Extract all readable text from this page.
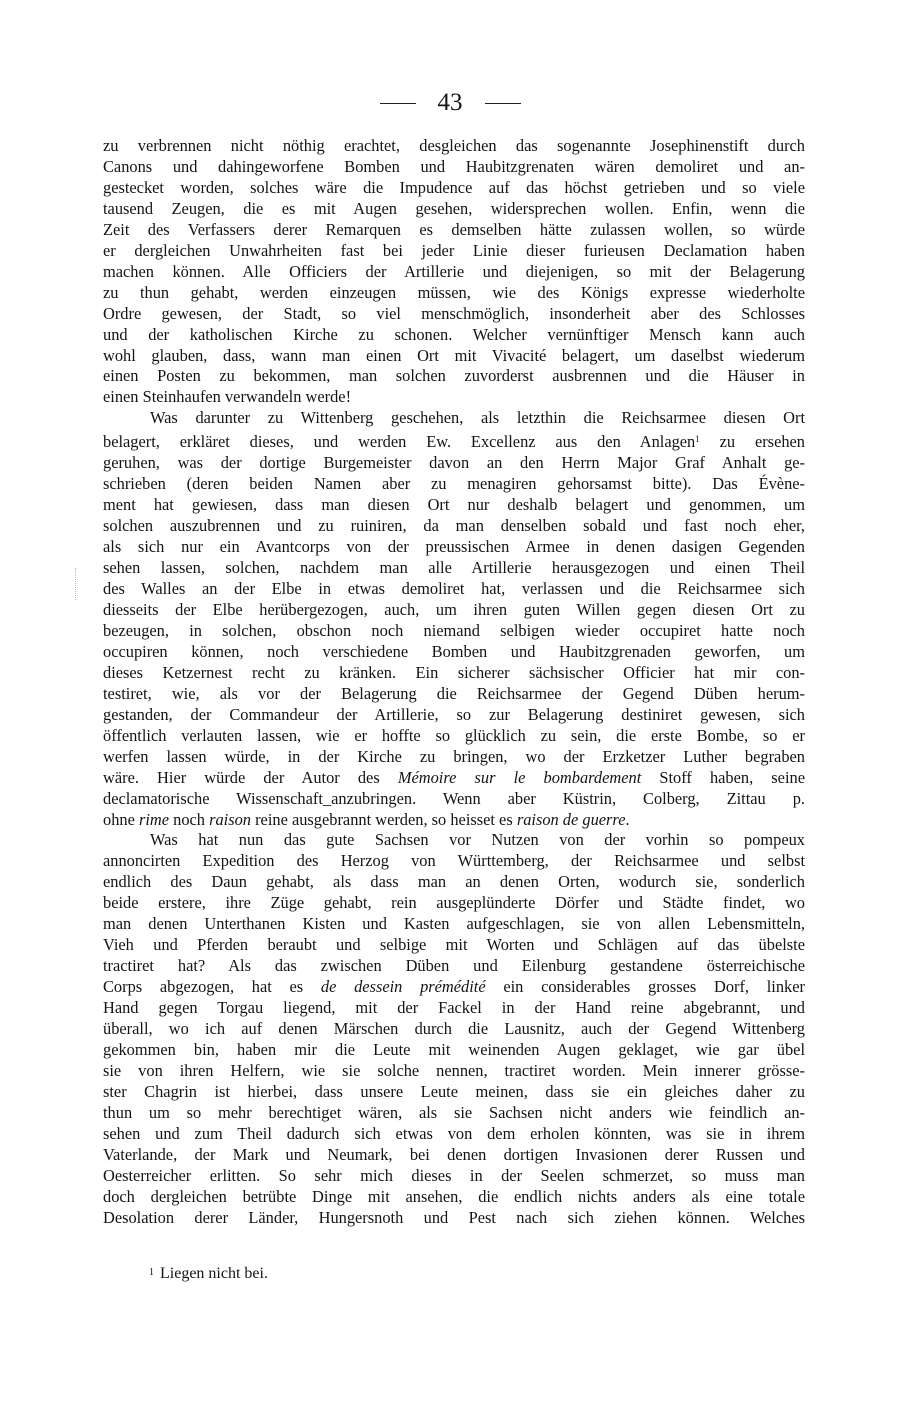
43

zu verbrennen nicht nöthig erachtet, desgleichen das sogenannte Josephinenstift durch
Canons und dahingeworfene Bomben und Haubitzgrenaten wären demoliret und an-
gestecket worden, solches wäre die Impudence auf das höchst getrieben und so viele
tausend Zeugen, die es mit Augen gesehen, widersprechen wollen. Enfin, wenn die
Zeit des Verfassers derer Remarquen es demselben hätte zulassen wollen, so würde
er dergleichen Unwahrheiten fast bei jeder Linie dieser furieusen Declamation haben
machen können. Alle Officiers der Artillerie und diejenigen, so mit der Belagerung
zu thun gehabt, werden einzeugen müssen, wie des Königs expresse wiederholte
Ordre gewesen, der Stadt, so viel menschmöglich, insonderheit aber des Schlosses
und der katholischen Kirche zu schonen. Welcher vernünftiger Mensch kann auch
wohl glauben, dass, wann man einen Ort mit Vivacité belagert, um daselbst wiederum
einen Posten zu bekommen, man solchen zuvorderst ausbrennen und die Häuser in
einen Steinhaufen verwandeln werde!

Was darunter zu Wittenberg geschehen, als letzthin die Reichsarmee diesen Ort
belagert, erkläret dieses, und werden Ew. Excellenz aus den Anlagen$^1$ zu ersehen
geruhen, was der dortige Burgemeister davon an den Herrn Major Graf Anhalt ge-
schrieben (deren beiden Namen aber zu menagiren gehorsamst bitte). Das Évène-
ment hat gewiesen, dass man diesen Ort nur deshalb belagert und genommen, um
solchen auszubrennen und zu ruiniren, da man denselben sobald und fast noch eher,
als sich nur ein Avantcorps von der preussischen Armee in denen dasigen Gegenden
sehen lassen, solchen, nachdem man alle Artillerie herausgezogen und einen Theil
des Walles an der Elbe in etwas demoliret hat, verlassen und die Reichsarmee sich
diesseits der Elbe herübergezogen, auch, um ihren guten Willen gegen diesen Ort zu
bezeugen, in solchen, obschon noch niemand selbigen wieder occupiret hatte noch
occupiren können, noch verschiedene Bomben und Haubitzgrenaden geworfen, um
dieses Ketzernest recht zu kränken. Ein sicherer sächsischer Officier hat mir con-
testiret, wie, als vor der Belagerung die Reichsarmee der Gegend Düben herum-
gestanden, der Commandeur der Artillerie, so zur Belagerung destiniret gewesen, sich
öffentlich verlauten lassen, wie er hoffte so glücklich zu sein, die erste Bombe, so er
werfen lassen würde, in der Kirche zu bringen, wo der Erzketzer Luther begraben
wäre. Hier würde der Autor des Mémoire sur le bombardement Stoff haben, seine
declamatorische Wissenschaft_anzubringen. Wenn aber Küstrin, Colberg, Zittau p.
ohne rime noch raison reine ausgebrannt werden, so heisset es raison de guerre.

Was hat nun das gute Sachsen vor Nutzen von der vorhin so pompeux
annoncirten Expedition des Herzog von Württemberg, der Reichsarmee und selbst
endlich des Daun gehabt, als dass man an denen Orten, wodurch sie, sonderlich
beide erstere, ihre Züge gehabt, rein ausgeplünderte Dörfer und Städte findet, wo
man denen Unterthanen Kisten und Kasten aufgeschlagen, sie von allen Lebensmitteln,
Vieh und Pferden beraubt und selbige mit Worten und Schlägen auf das übelste
tractiret hat? Als das zwischen Düben und Eilenburg gestandene österreichische
Corps abgezogen, hat es de dessein prémédité ein considerables grosses Dorf, linker
Hand gegen Torgau liegend, mit der Fackel in der Hand reine abgebrannt, und
überall, wo ich auf denen Märschen durch die Lausnitz, auch der Gegend Wittenberg
gekommen bin, haben mir die Leute mit weinenden Augen geklaget, wie gar übel
sie von ihren Helfern, wie sie solche nennen, tractiret worden. Mein innerer grösse-
ster Chagrin ist hierbei, dass unsere Leute meinen, dass sie ein gleiches daher zu
thun um so mehr berechtiget wären, als sie Sachsen nicht anders wie feindlich an-
sehen und zum Theil dadurch sich etwas von dem erholen könnten, was sie in ihrem
Vaterlande, der Mark und Neumark, bei denen dortigen Invasionen derer Russen und
Oesterreicher erlitten. So sehr mich dieses in der Seelen schmerzet, so muss man
doch dergleichen betrübte Dinge mit ansehen, die endlich nichts anders als eine totale
Desolation derer Länder, Hungersnoth und Pest nach sich ziehen können. Welches

1 Liegen nicht bei.
